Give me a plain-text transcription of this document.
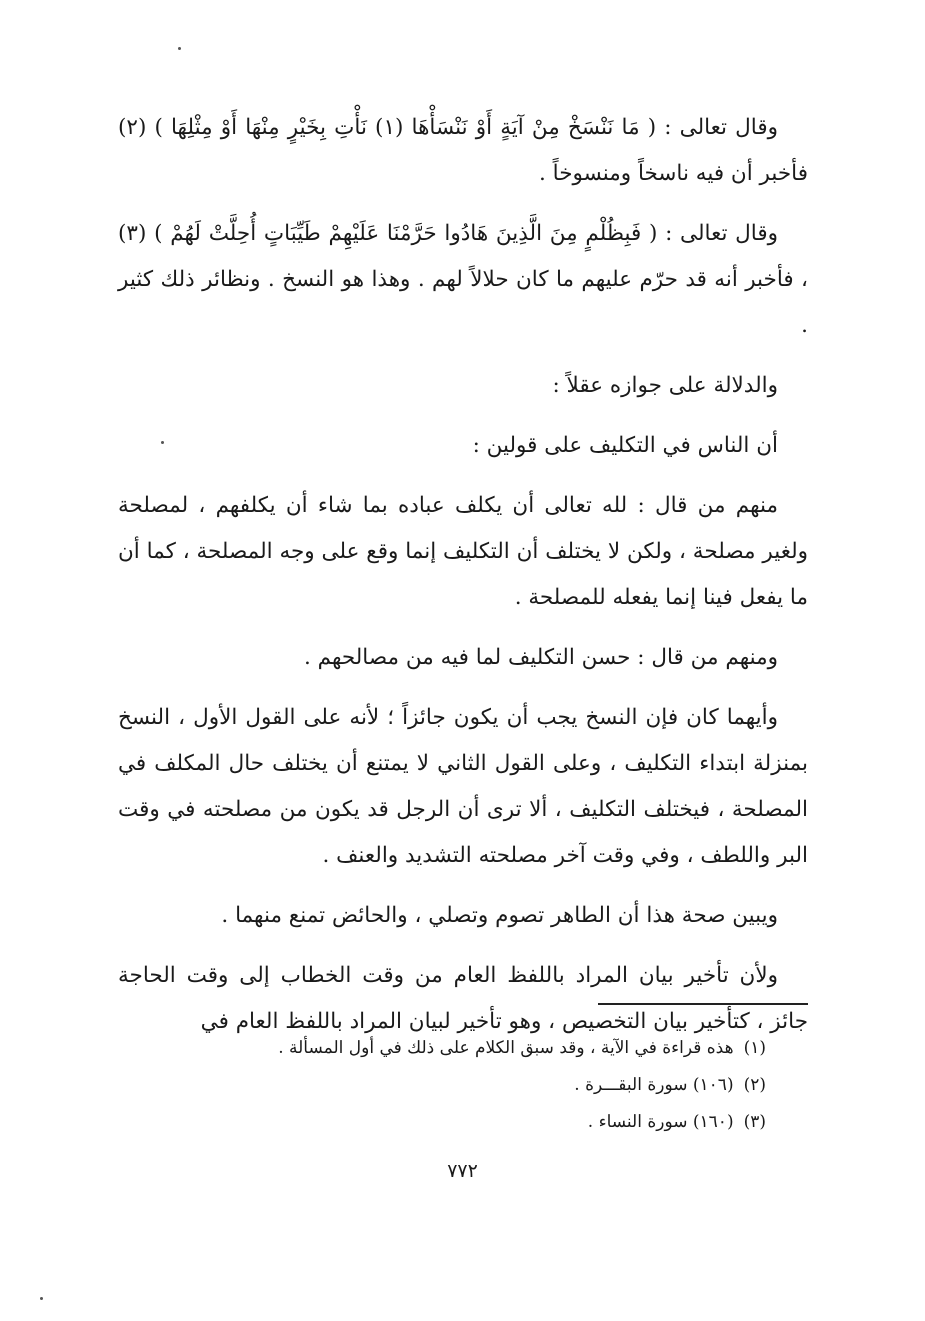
وقال تعالى : ( مَا نَنْسَخْ مِنْ آيَةٍ أَوْ نَنْسَأْهَا (١) نَأْتِ بِخَيْرٍ مِنْهَا أَوْ مِثْلِهَا ) (٢) فأخبر أن فيه ناسخاً ومنسوخاً .

وقال تعالى : ( فَبِظُلْمٍ مِنَ الَّذِينَ هَادُوا حَرَّمْنَا عَلَيْهِمْ طَيِّبَاتٍ أُحِلَّتْ لَهُمْ ) (٣) ، فأخبر أنه قد حرّم عليهم ما كان حلالاً لهم . وهذا هو النسخ . ونظائر ذلك كثير .

والدلالة على جوازه عقلاً :

أن الناس في التكليف على قولين :

منهم من قال : لله تعالى أن يكلف عباده بما شاء أن يكلفهم ، لمصلحة ولغير مصلحة ، ولكن لا يختلف أن التكليف إنما وقع على وجه المصلحة ، كما أن ما يفعل فينا إنما يفعله للمصلحة .

ومنهم من قال : حسن التكليف لما فيه من مصالحهم .

وأيهما كان فإن النسخ يجب أن يكون جائزاً ؛ لأنه على القول الأول ، النسخ بمنزلة ابتداء التكليف ، وعلى القول الثاني لا يمتنع أن يختلف حال المكلف في المصلحة ، فيختلف التكليف ، ألا ترى أن الرجل قد يكون من مصلحته في وقت البر واللطف ، وفي وقت آخر مصلحته التشديد والعنف .

ويبين صحة هذا أن الطاهر تصوم وتصلي ، والحائض تمنع منهما .

ولأن تأخير بيان المراد باللفظ العام من وقت الخطاب إلى وقت الحاجة جائز ، كتأخير بيان التخصيص ، وهو تأخير لبيان المراد باللفظ العام في

(١)هذه قراءة في الآية ، وقد سبق الكلام على ذلك في أول المسألة .
(٢)(١٠٦) سورة البقـــرة .
(٣)(١٦٠) سورة النساء .
٧٧٢
